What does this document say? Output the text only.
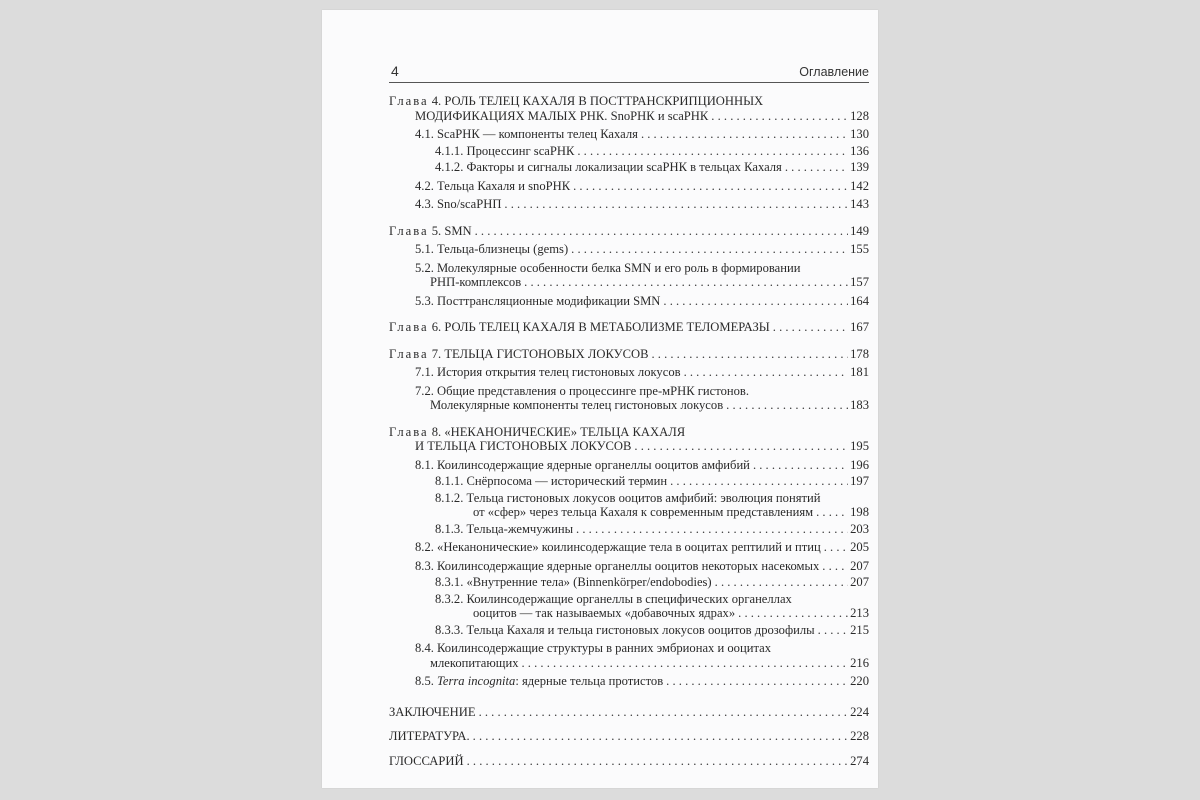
4	Оглавление
Глава 4. РОЛЬ ТЕЛЕЦ КАХАЛЯ В ПОСТТРАНСКРИПЦИОННЫХ
МОДИФИКАЦИЯХ МАЛЫХ РНК. SnoРНК и scaРНК . . .	128
4.1. ScaРНК — компоненты телец Кахаля . . .	130
4.1.1. Процессинг scaРНК . . .	136
4.1.2. Факторы и сигналы локализации scaРНК в тельцах Кахаля . . .	139
4.2. Тельца Кахаля и snoРНК . . .	142
4.3. Sno/scaРНП . . .	143
Глава 5. SMN . . .	149
5.1. Тельца-близнецы (gems) . . .	155
5.2. Молекулярные особенности белка SMN и его роль в формировании
РНП-комплексов . . .	157
5.3. Посттрансляционные модификации SMN . . .	164
Глава 6. РОЛЬ ТЕЛЕЦ КАХАЛЯ В МЕТАБОЛИЗМЕ ТЕЛОМЕРАЗЫ . . .	167
Глава 7. ТЕЛЬЦА ГИСТОНОВЫХ ЛОКУСОВ . . .	178
7.1. История открытия телец гистоновых локусов . . .	181
7.2. Общие представления о процессинге пре-мРНК гистонов.
Молекулярные компоненты телец гистоновых локусов . . .	183
Глава 8. «НЕКАНОНИЧЕСКИЕ» ТЕЛЬЦА КАХАЛЯ
И ТЕЛЬЦА ГИСТОНОВЫХ ЛОКУСОВ . . .	195
8.1. Коилинсодержащие ядерные органеллы ооцитов амфибий . . .	196
8.1.1. Снёрпосома — исторический термин . . .	197
8.1.2. Тельца гистоновых локусов ооцитов амфибий: эволюция понятий
от «сфер» через тельца Кахаля к современным представлениям . . .	198
8.1.3. Тельца-жемчужины . . .	203
8.2. «Неканонические» коилинсодержащие тела в ооцитах рептилий и птиц . . . 205
8.3. Коилинсодержащие ядерные органеллы ооцитов некоторых насекомых . . . 207
8.3.1. «Внутренние тела» (Binnenkörper/endobodies) . . .	207
8.3.2. Коилинсодержащие органеллы в специфических органеллах
ооцитов — так называемых «добавочных ядрах» . . .	213
8.3.3. Тельца Кахаля и тельца гистоновых локусов ооцитов дрозофилы . . .	215
8.4. Коилинсодержащие структуры в ранних эмбрионах и ооцитах
млекопитающих . . .	216
8.5. Terra incognita: ядерные тельца протистов . . .	220
ЗАКЛЮЧЕНИЕ . . .	224
ЛИТЕРАТУРА. . . .	228
ГЛОССАРИЙ . . .	274
